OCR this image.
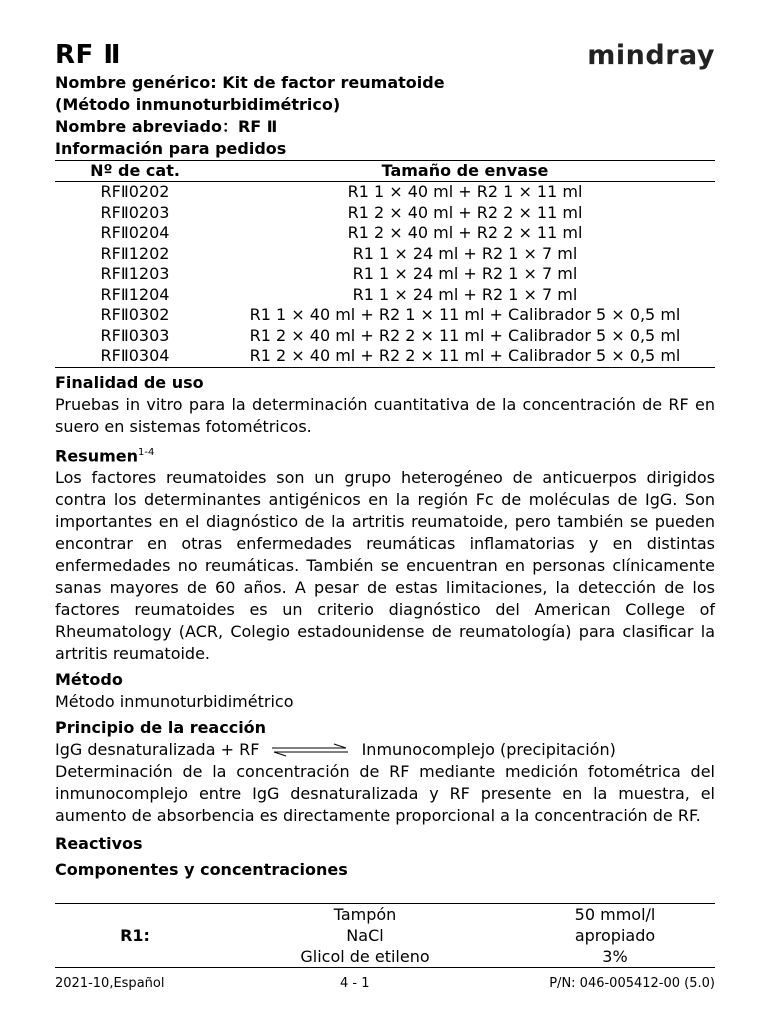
RF Ⅱ	mindray
Nombre genérico: Kit de factor reumatoide
(Método inmunoturbidimétrico)
Nombre abreviado：RF Ⅱ
Información para pedidos
Nº de cat.	Tamaño de envase
RFⅡ0202	R1 1 × 40 ml + R2 1 × 11 ml
RFⅡ0203	R1 2 × 40 ml + R2 2 × 11 ml
RFⅡ0204	R1 2 × 40 ml + R2 2 × 11 ml
RFⅡ1202	R1 1 × 24 ml + R2 1 × 7 ml
RFⅡ1203	R1 1 × 24 ml + R2 1 × 7 ml
RFⅡ1204	R1 1 × 24 ml + R2 1 × 7 ml
RFⅡ0302	R1 1 × 40 ml + R2 1 × 11 ml + Calibrador 5 × 0,5 ml
RFⅡ0303	R1 2 × 40 ml + R2 2 × 11 ml + Calibrador 5 × 0,5 ml
RFⅡ0304	R1 2 × 40 ml + R2 2 × 11 ml + Calibrador 5 × 0,5 ml
Finalidad de uso
Pruebas in vitro para la determinación cuantitativa de la concentración de RF en suero en sistemas fotométricos.
Resumen$^{1-4}$
Los factores reumatoides son un grupo heterogéneo de anticuerpos dirigidos contra los determinantes antigénicos en la región Fc de moléculas de IgG. Son importantes en el diagnóstico de la artritis reumatoide, pero también se pueden encontrar en otras enfermedades reumáticas inflamatorias y en distintas enfermedades no reumáticas. También se encuentran en personas clínicamente sanas mayores de 60 años. A pesar de estas limitaciones, la detección de los factores reumatoides es un criterio diagnóstico del American College of Rheumatology (ACR, Colegio estadounidense de reumatología) para clasificar la artritis reumatoide.
Método
Método inmunoturbidimétrico
Principio de la reacción
IgG desnaturalizada + RF	Inmunocomplejo (precipitación)
Determinación de la concentración de RF mediante medición fotométrica del inmunocomplejo entre IgG desnaturalizada y RF presente en la muestra, el aumento de absorbencia es directamente proporcional a la concentración de RF.
Reactivos
Componentes y concentraciones
	Tampón	50 mmol/l
R1:	NaCl	apropiado
	Glicol de etileno	3%
2021-10,Español	4 - 1	P/N: 046-005412-00 (5.0)
